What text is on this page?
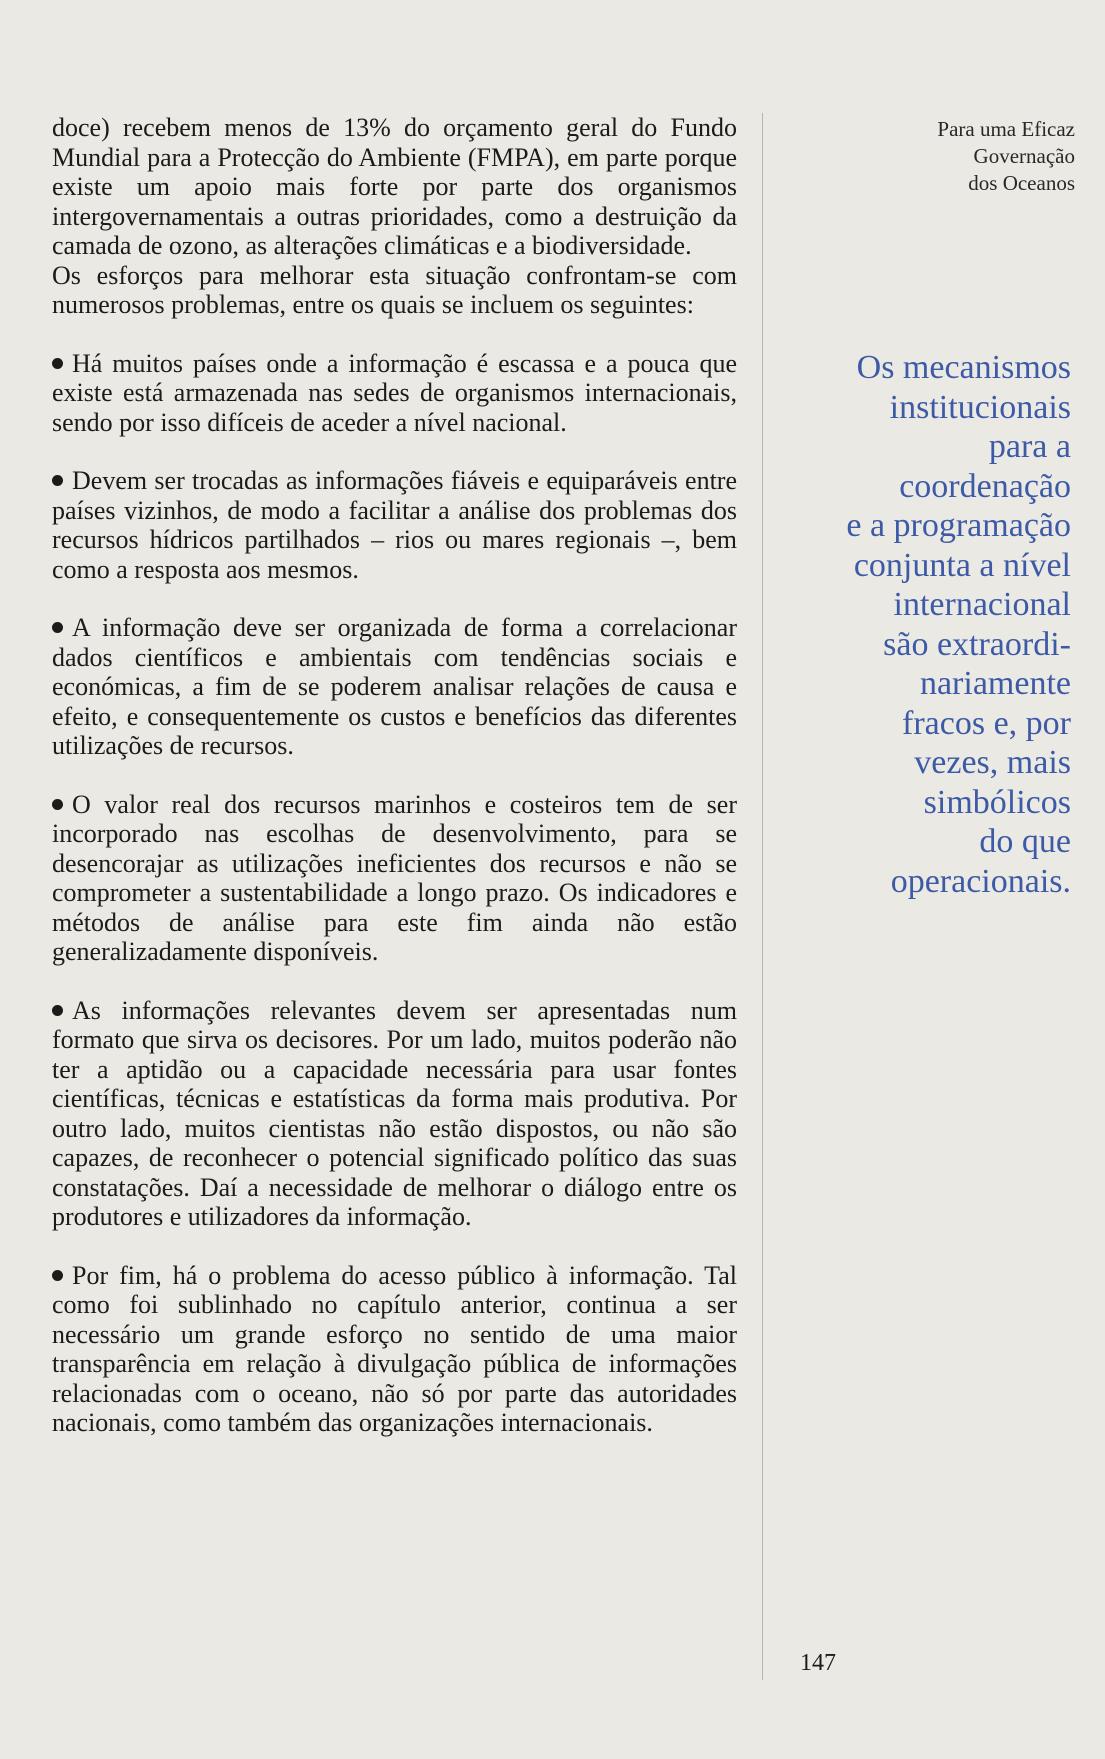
doce) recebem menos de 13% do orçamento geral do Fundo Mundial para a Protecção do Ambiente (FMPA), em parte porque existe um apoio mais forte por parte dos organismos intergovernamentais a outras prioridades, como a destruição da camada de ozono, as alterações climáticas e a biodiversidade.

Os esforços para melhorar esta situação confrontam-se com numerosos problemas, entre os quais se incluem os seguintes:

Há muitos países onde a informação é escassa e a pouca que existe está armazenada nas sedes de organismos internacionais, sendo por isso difíceis de aceder a nível nacional.

Devem ser trocadas as informações fiáveis e equiparáveis entre países vizinhos, de modo a facilitar a análise dos problemas dos recursos hídricos partilhados – rios ou mares regionais –, bem como a resposta aos mesmos.

A informação deve ser organizada de forma a correlacionar dados científicos e ambientais com tendências sociais e económicas, a fim de se poderem analisar relações de causa e efeito, e consequentemente os custos e benefícios das diferentes utilizações de recursos.

O valor real dos recursos marinhos e costeiros tem de ser incorporado nas escolhas de desenvolvimento, para se desencorajar as utilizações ineficientes dos recursos e não se comprometer a sustentabilidade a longo prazo. Os indicadores e métodos de análise para este fim ainda não estão generalizadamente disponíveis.

As informações relevantes devem ser apresentadas num formato que sirva os decisores. Por um lado, muitos poderão não ter a aptidão ou a capacidade necessária para usar fontes científicas, técnicas e estatísticas da forma mais produtiva. Por outro lado, muitos cientistas não estão dispostos, ou não são capazes, de reconhecer o potencial significado político das suas constatações. Daí a necessidade de melhorar o diálogo entre os produtores e utilizadores da informação.

Por fim, há o problema do acesso público à informação. Tal como foi sublinhado no capítulo anterior, continua a ser necessário um grande esforço no sentido de uma maior transparência em relação à divulgação pública de informações relacionadas com o oceano, não só por parte das autoridades nacionais, como também das organizações internacionais.

Para uma Eficaz
Governação
dos Oceanos
Os mecanismos
institucionais
para a
coordenação
e a programação
conjunta a nível
internacional
são extraordi-
nariamente
fracos e, por
vezes, mais
simbólicos
do que
operacionais.
147
